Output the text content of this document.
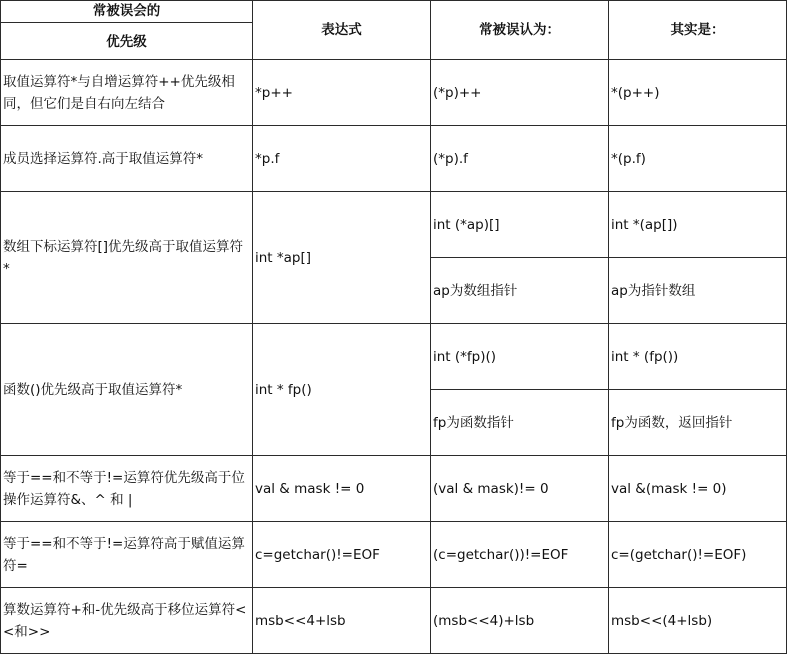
常被误会的
优先级	表达式	常被误认为：	其实是：
取值运算符*与自增运算符++优先级相同，但它们是自右向左结合	*p++	(*p)++	*(p++)
成员选择运算符.高于取值运算符*	*p.f	(*p).f	*(p.f)
数组下标运算符[]优先级高于取值运算符*	int *ap[]	int (*ap)[]	int *(ap[])
		ap为数组指针	ap为指针数组
函数()优先级高于取值运算符*	int * fp()	int (*fp)()	int * (fp())
		fp为函数指针	fp为函数，返回指针
等于==和不等于!=运算符优先级高于位操作运算符&、^ 和 |	val & mask != 0	(val & mask)!= 0	val &(mask != 0)
等于==和不等于!=运算符高于赋值运算符=	c=getchar()!=EOF	(c=getchar())!=EOF	c=(getchar()!=EOF)
算数运算符+和-优先级高于移位运算符<<和>>	msb<<4+lsb	(msb<<4)+lsb	msb<<(4+lsb)
